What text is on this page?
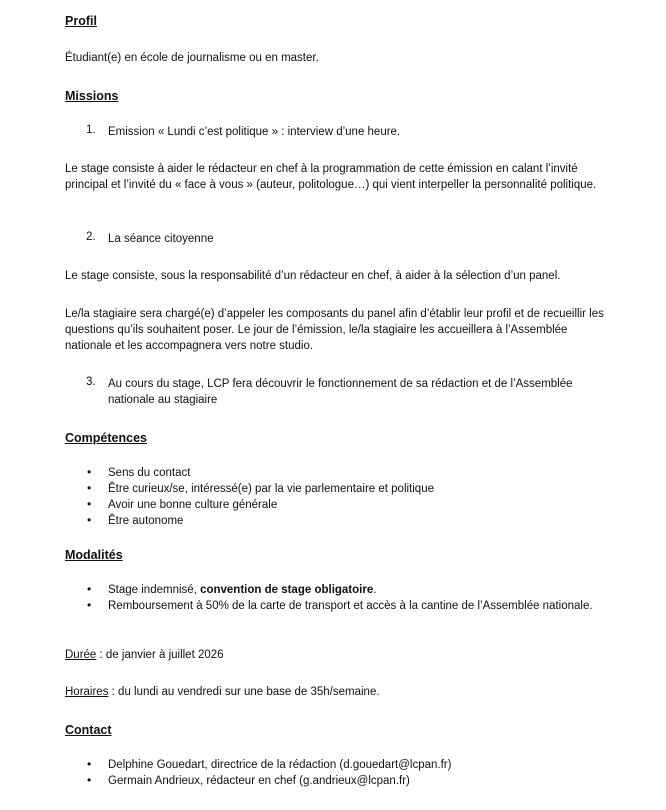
Profil
Étudiant(e) en école de journalisme ou en master.
Missions
1. Emission « Lundi c’est politique » : interview d’une heure.
Le stage consiste à aider le rédacteur en chef à la programmation de cette émission en calant l’invité principal et l’invité du « face à vous » (auteur, politologue…) qui vient interpeller la personnalité politique.
2. La séance citoyenne
Le stage consiste, sous la responsabilité d’un rédacteur en chef, à aider à la sélection d’un panel.
Le/la stagiaire sera chargé(e) d’appeler les composants du panel afin d’établir leur profil et de recueillir les questions qu’ils souhaitent poser. Le jour de l’émission, le/la stagiaire les accueillera à l’Assemblée nationale et les accompagnera vers notre studio.
3. Au cours du stage, LCP fera découvrir le fonctionnement de sa rédaction et de l’Assemblée nationale au stagiaire
Compétences
• Sens du contact
• Être curieux/se, intéressé(e) par la vie parlementaire et politique
• Avoir une bonne culture générale
• Être autonome
Modalités
• Stage indemnisé, convention de stage obligatoire.
• Remboursement à 50% de la carte de transport et accès à la cantine de l’Assemblée nationale.
Durée : de janvier à juillet 2026
Horaires : du lundi au vendredi sur une base de 35h/semaine.
Contact
• Delphine Gouedart, directrice de la rédaction (d.gouedart@lcpan.fr)
• Germain Andrieux, rédacteur en chef (g.andrieux@lcpan.fr)
